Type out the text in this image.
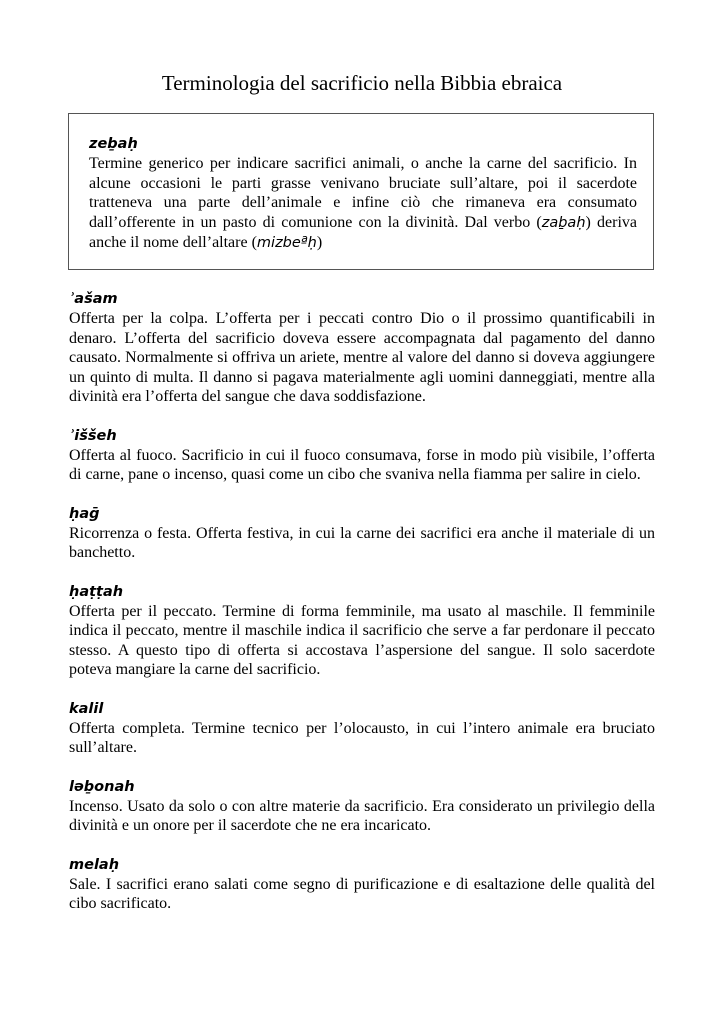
Terminologia del sacrificio nella Bibbia ebraica
zeḇaḥ
Termine generico per indicare sacrifici animali, o anche la carne del sacrificio. In alcune occasioni le parti grasse venivano bruciate sull’altare, poi il sacerdote tratteneva una parte dell’animale e infine ciò che rimaneva era consumato dall’offerente in un pasto di comunione con la divinità. Dal verbo (zaḇaḥ) deriva anche il nome dell’altare (mizbeªḥ)
ʾašam
Offerta per la colpa. L’offerta per i peccati contro Dio o il prossimo quantificabili in denaro. L’offerta del sacrificio doveva essere accompagnata dal pagamento del danno causato. Normalmente si offriva un ariete, mentre al valore del danno si doveva aggiungere un quinto di multa. Il danno si pagava materialmente agli uomini danneggiati, mentre alla divinità era l’offerta del sangue che dava soddisfazione.
ʾiššeh
Offerta al fuoco. Sacrificio in cui il fuoco consumava, forse in modo più visibile, l’offerta di carne, pane o incenso, quasi come un cibo che svaniva nella fiamma per salire in cielo.
ḥaḡ
Ricorrenza o festa. Offerta festiva, in cui la carne dei sacrifici era anche il materiale di un banchetto.
ḥaṭṭah
Offerta per il peccato. Termine di forma femminile, ma usato al maschile. Il femminile indica il peccato, mentre il maschile indica il sacrificio che serve a far perdonare il peccato stesso. A questo tipo di offerta si accostava l’aspersione del sangue. Il solo sacerdote poteva mangiare la carne del sacrificio.
kalil
Offerta completa. Termine tecnico per l’olocausto, in cui l’intero animale era bruciato sull’altare.
ləḇonah
Incenso. Usato da solo o con altre materie da sacrificio. Era considerato un privilegio della divinità e un onore per il sacerdote che ne era incaricato.
melaḥ
Sale. I sacrifici erano salati come segno di purificazione e di esaltazione delle qualità del cibo sacrificato.
